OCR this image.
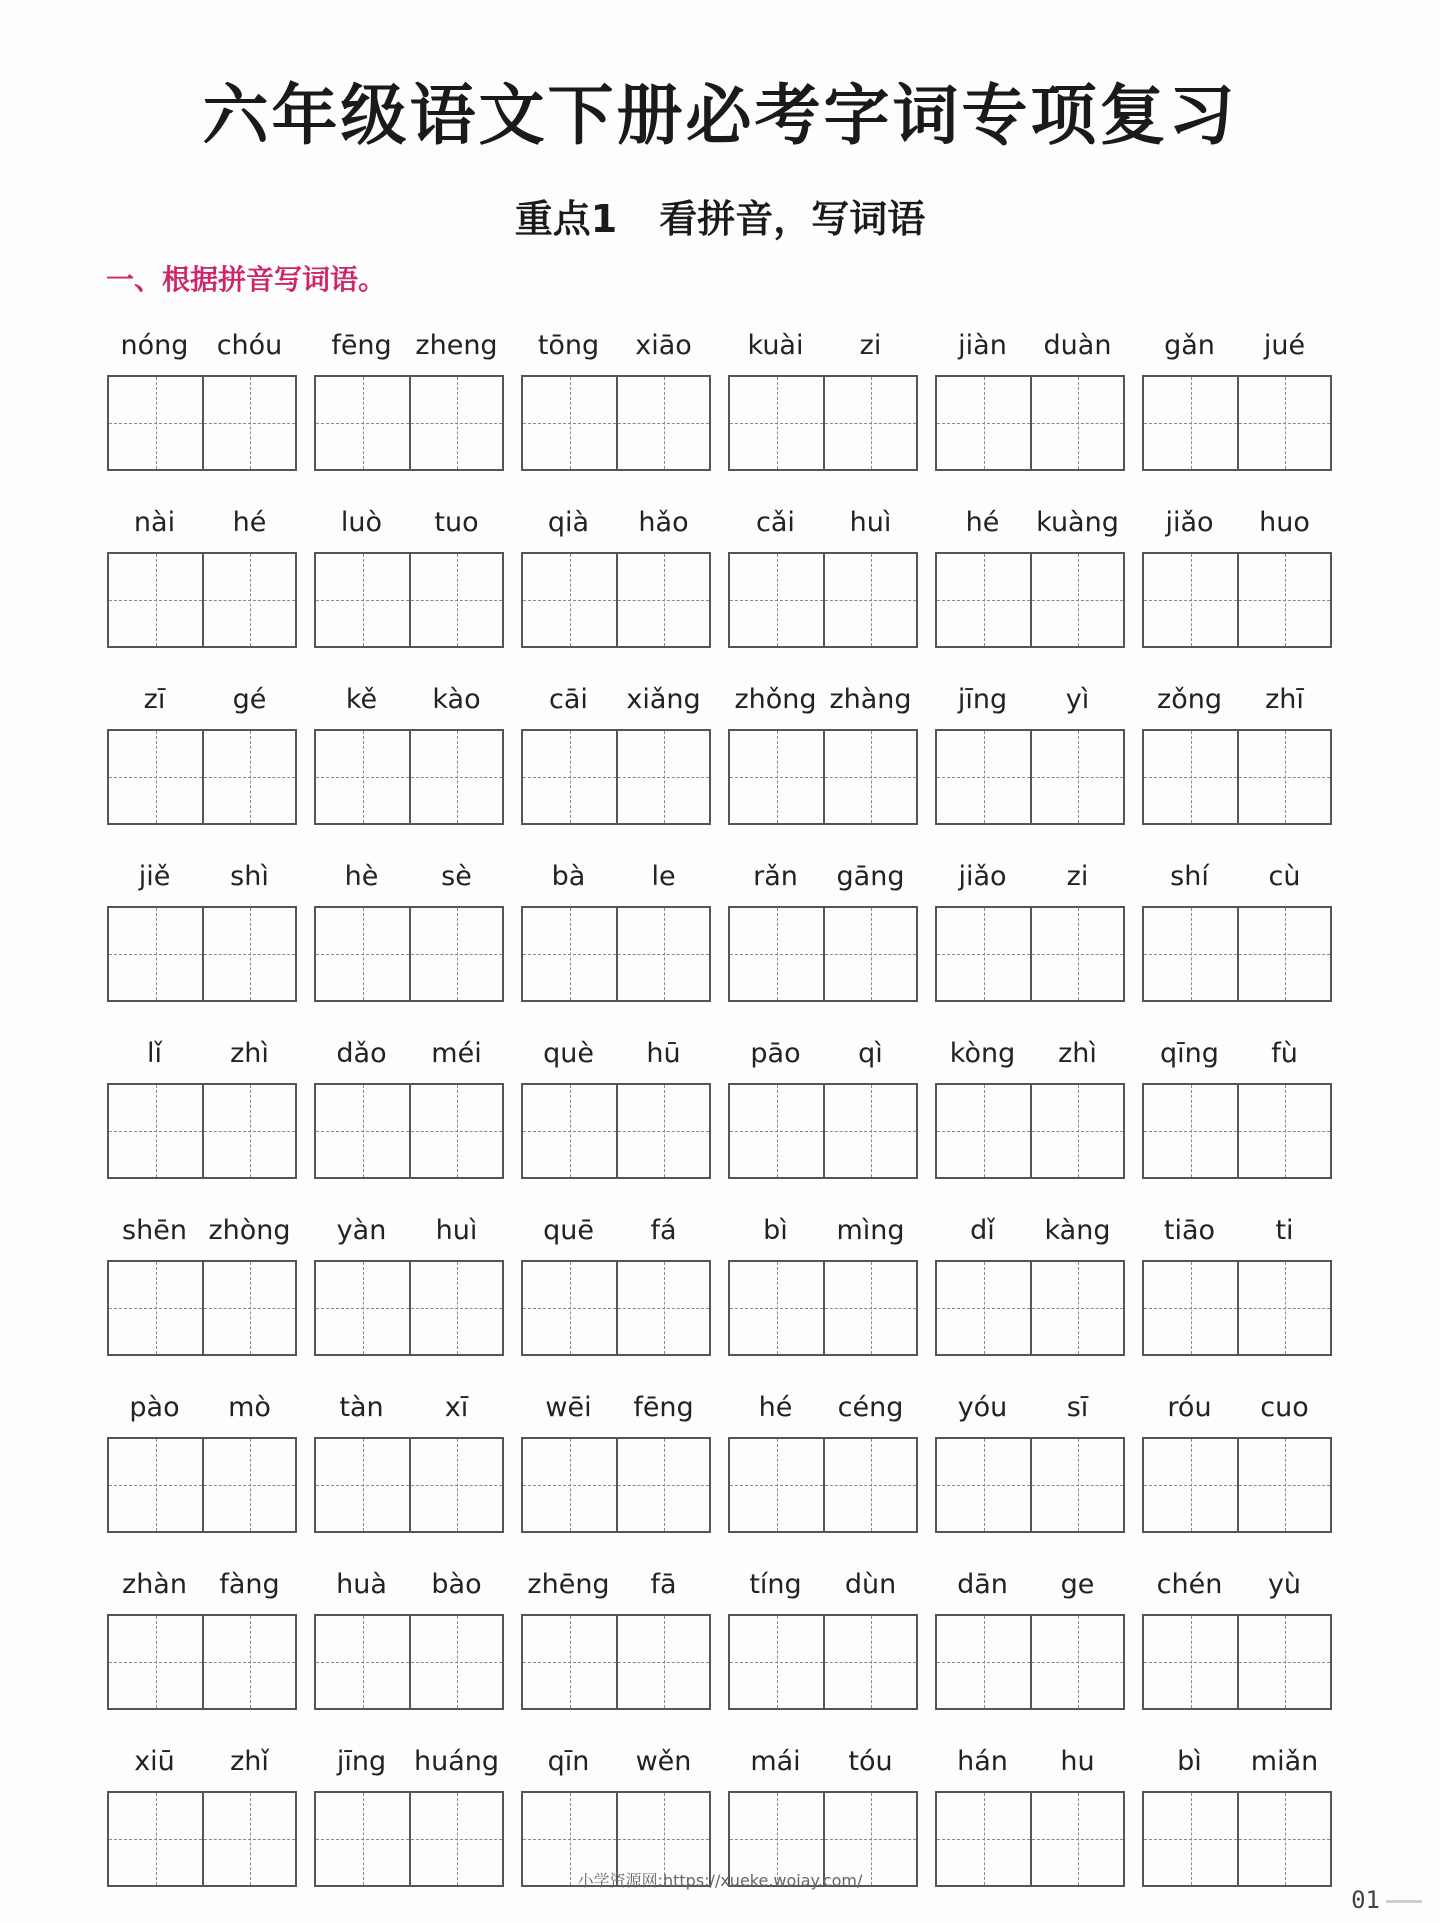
六年级语文下册必考字词专项复习
重点1 看拼音，写词语
一、根据拼音写词语。
nóng	chóu	fēng zheng	tōng	xiāo	kuài	zi	jiàn	duàn	gǎn	jué
nài	hé	luò	tuo	qià	hǎo	cǎi	huì	hé	kuàng	jiǎo	huo
zī	gé	kě	kào	cāi	xiǎng	zhǒng zhàng	jīng	yì	zǒng	zhī
jiě	shì	hè	sè	bà	le	rǎn	gāng	jiǎo	zi	shí	cù
lǐ	zhì	dǎo	méi	què	hū	pāo	qì	kòng	zhì	qīng	fù
shēn zhòng	yàn	huì	quē	fá	bì	mìng	dǐ	kàng	tiāo	ti
pào	mò	tàn	xī	wēi	fēng	hé	céng	yóu	sī	róu	cuo
zhàn	fàng	huà	bào	zhēng	fā	tíng	dùn	dān	ge	chén	yù
xiū	zhǐ	jīng	huáng	qīn	wěn	mái	tóu	hán	hu	bì	miǎn
小学资源网:https://xueke.woiay.com/
01
